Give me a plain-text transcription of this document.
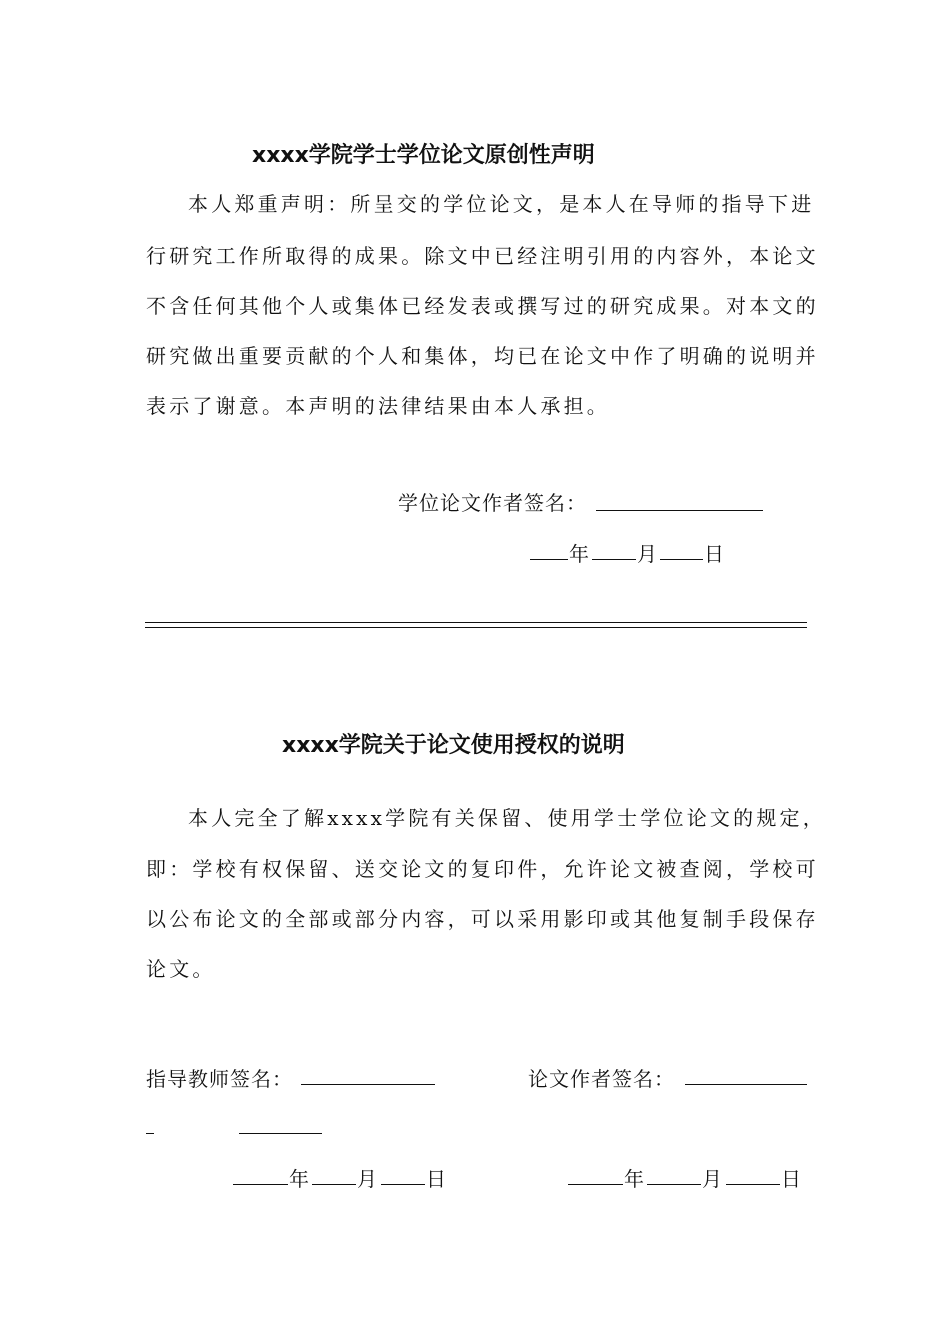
xxxx学院学士学位论文原创性声明
本人郑重声明：所呈交的学位论文，是本人在导师的指导下进
行研究工作所取得的成果。除文中已经注明引用的内容外，本论文
不含任何其他个人或集体已经发表或撰写过的研究成果。对本文的
研究做出重要贡献的个人和集体，均已在论文中作了明确的说明并
表示了谢意。本声明的法律结果由本人承担。
学位论文作者签名：
年 月 日
xxxx学院关于论文使用授权的说明
本人完全了解xxxx学院有关保留、使用学士学位论文的规定，
即：学校有权保留、送交论文的复印件，允许论文被查阅，学校可
以公布论文的全部或部分内容，可以采用影印或其他复制手段保存
论文。
指导教师签名：	论文作者签名：
年 月 日	年	月	日
